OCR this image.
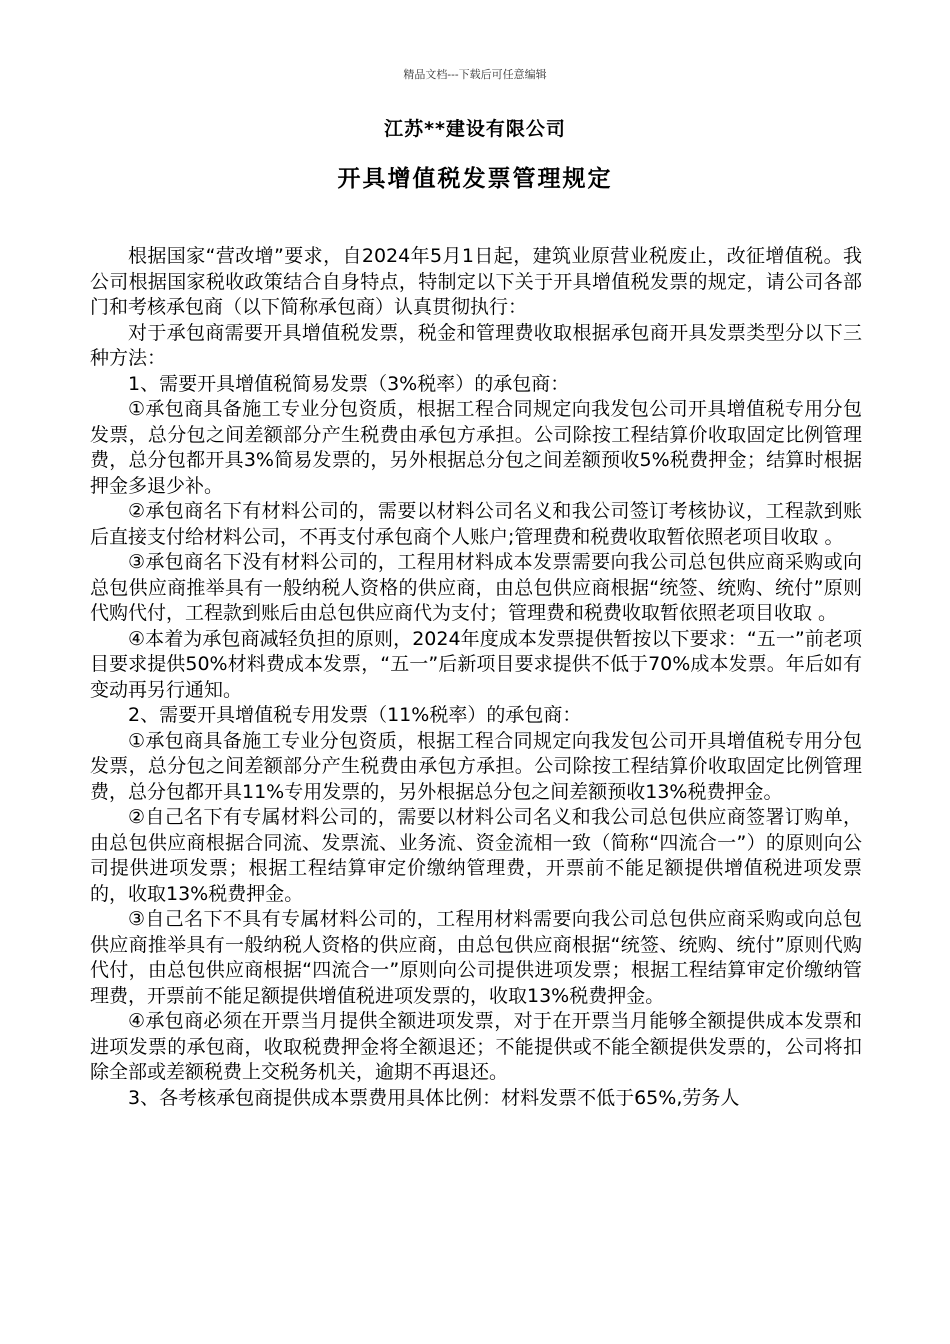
精品文档---下载后可任意编辑
江苏**建设有限公司
开具增值税发票管理规定

根据国家“营改增”要求，自2024年5月1日起，建筑业原营业税废止，改征增值税。我公司根据国家税收政策结合自身特点，特制定以下关于开具增值税发票的规定，请公司各部门和考核承包商（以下简称承包商）认真贯彻执行：

对于承包商需要开具增值税发票，税金和管理费收取根据承包商开具发票类型分以下三种方法：

1、需要开具增值税简易发票（3%税率）的承包商：

①承包商具备施工专业分包资质，根据工程合同规定向我发包公司开具增值税专用分包发票，总分包之间差额部分产生税费由承包方承担。公司除按工程结算价收取固定比例管理费，总分包都开具3%简易发票的，另外根据总分包之间差额预收5%税费押金；结算时根据押金多退少补。

②承包商名下有材料公司的，需要以材料公司名义和我公司签订考核协议，工程款到账后直接支付给材料公司，不再支付承包商个人账户;管理费和税费收取暂依照老项目收取 。

③承包商名下没有材料公司的，工程用材料成本发票需要向我公司总包供应商采购或向总包供应商推举具有一般纳税人资格的供应商，由总包供应商根据“统签、统购、统付”原则代购代付，工程款到账后由总包供应商代为支付；管理费和税费收取暂依照老项目收取 。

④本着为承包商减轻负担的原则，2024年度成本发票提供暂按以下要求：“五一”前老项目要求提供50%材料费成本发票，“五一”后新项目要求提供不低于70%成本发票。年后如有变动再另行通知。

2、需要开具增值税专用发票（11%税率）的承包商：

①承包商具备施工专业分包资质，根据工程合同规定向我发包公司开具增值税专用分包发票，总分包之间差额部分产生税费由承包方承担。公司除按工程结算价收取固定比例管理费，总分包都开具11%专用发票的，另外根据总分包之间差额预收13%税费押金。

②自己名下有专属材料公司的，需要以材料公司名义和我公司总包供应商签署订购单，由总包供应商根据合同流、发票流、业务流、资金流相一致（简称“四流合一”）的原则向公司提供进项发票；根据工程结算审定价缴纳管理费，开票前不能足额提供增值税进项发票的，收取13%税费押金。

③自己名下不具有专属材料公司的，工程用材料需要向我公司总包供应商采购或向总包供应商推举具有一般纳税人资格的供应商，由总包供应商根据“统签、统购、统付”原则代购代付，由总包供应商根据“四流合一”原则向公司提供进项发票；根据工程结算审定价缴纳管理费，开票前不能足额提供增值税进项发票的，收取13%税费押金。

④承包商必须在开票当月提供全额进项发票，对于在开票当月能够全额提供成本发票和进项发票的承包商，收取税费押金将全额退还；不能提供或不能全额提供发票的，公司将扣除全部或差额税费上交税务机关，逾期不再退还。

3、各考核承包商提供成本票费用具体比例：材料发票不低于65%,劳务人
